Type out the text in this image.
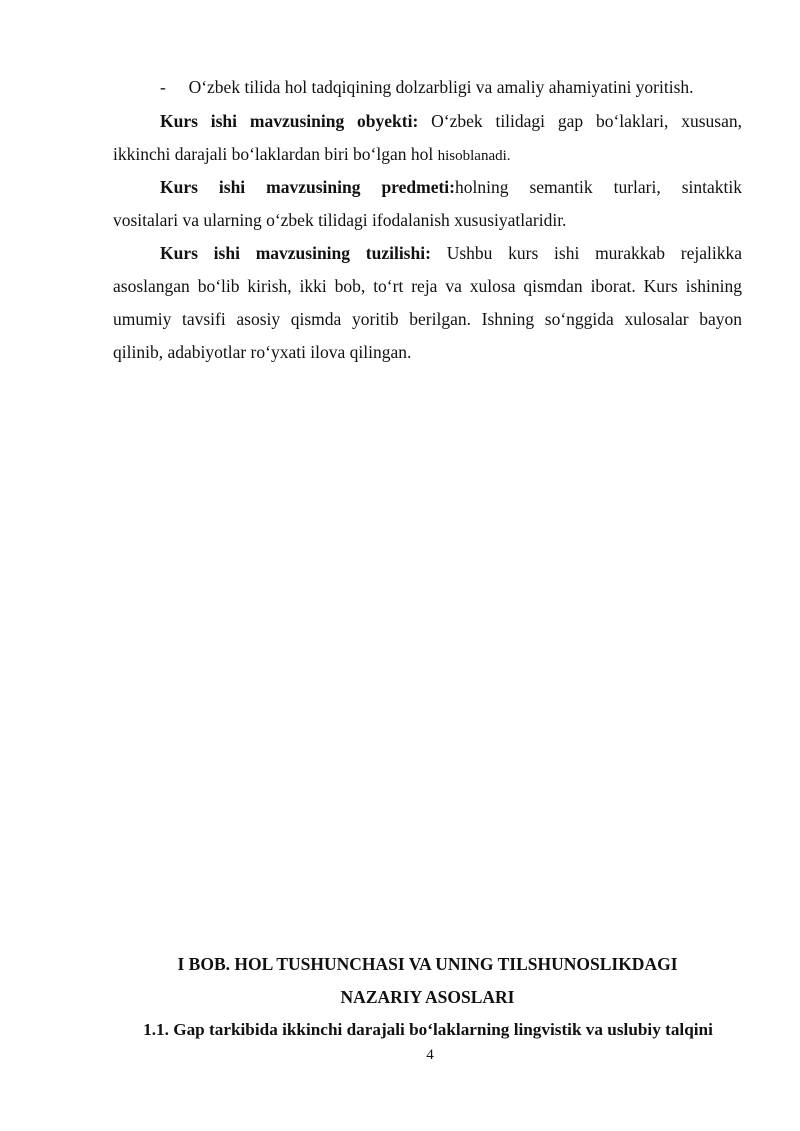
- O‘zbek tilida hol tadqiqining dolzarbligi va amaliy ahamiyatini yoritish.
Kurs ishi mavzusining obyekti: O‘zbek tilidagi gap bo‘laklari, xususan,
ikkinchi darajali bo‘laklardan biri bo‘lgan hol hisoblanadi.
Kurs ishi mavzusining predmeti:holning semantik turlari, sintaktik
vositalari va ularning o‘zbek tilidagi ifodalanish xususiyatlaridir.
Kurs ishi mavzusining tuzilishi: Ushbu kurs ishi murakkab rejalikka
asoslangan bo‘lib kirish, ikki bob, to‘rt reja va xulosa qismdan iborat. Kurs ishining
umumiy tavsifi asosiy qismda yoritib berilgan. Ishning so‘nggida xulosalar bayon
qilinib, adabiyotlar ro‘yxati ilova qilingan.
I BOB. HOL TUSHUNCHASI VA UNING TILSHUNOSLIKDAGI
NAZARIY ASOSLARI
1.1. Gap tarkibida ikkinchi darajali bo‘laklarning lingvistik va uslubiy talqini
4
